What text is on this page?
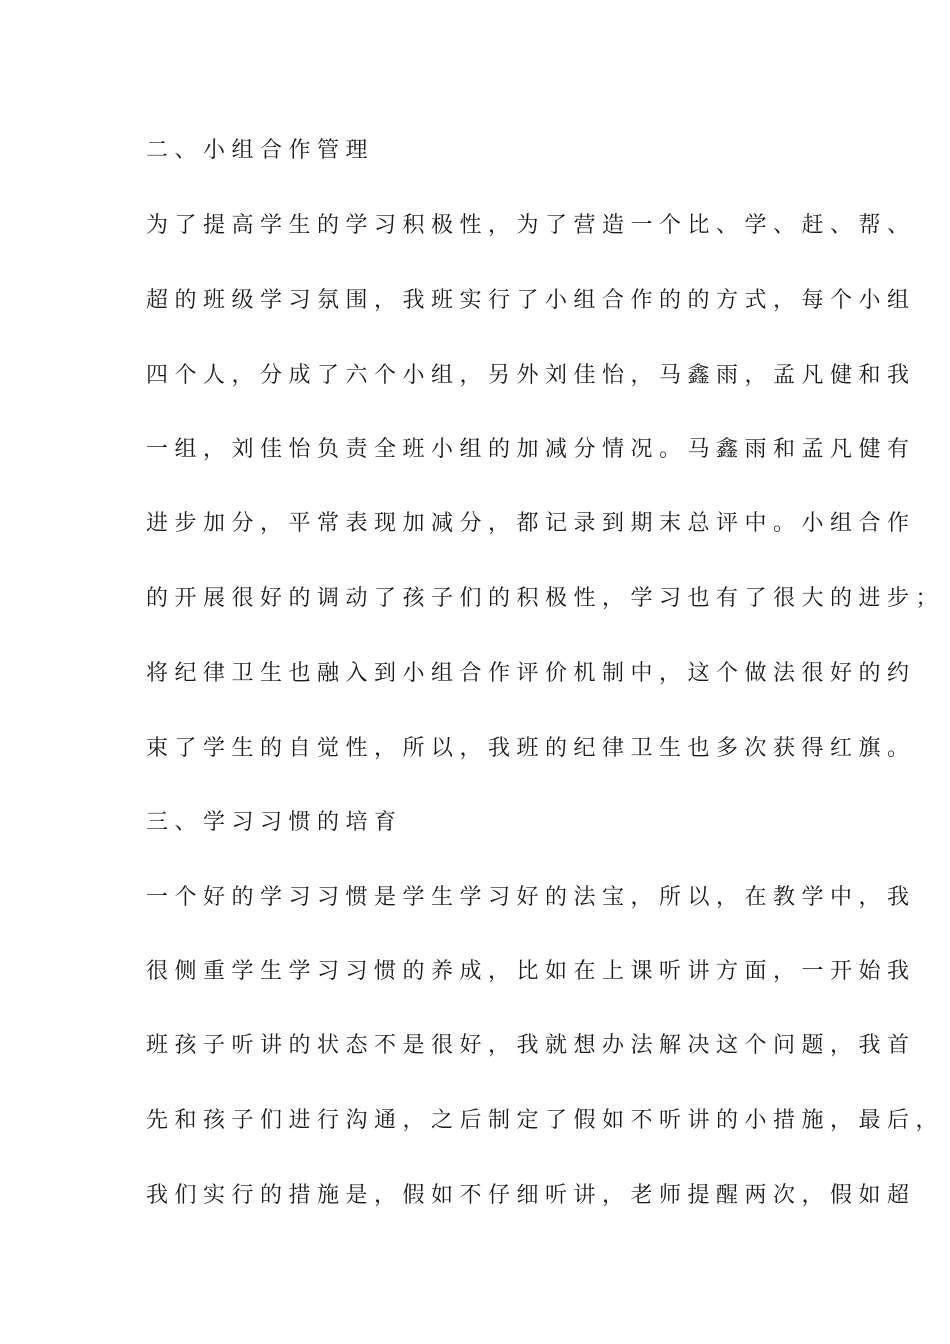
二、小组合作管理

为了提高学生的学习积极性，为了营造一个比、学、赶、帮、

超的班级学习氛围，我班实行了小组合作的的方式，每个小组

四个人，分成了六个小组，另外刘佳怡，马鑫雨，孟凡健和我

一组，刘佳怡负责全班小组的加减分情况。马鑫雨和孟凡健有

进步加分，平常表现加减分，都记录到期末总评中。小组合作

的开展很好的调动了孩子们的积极性，学习也有了很大的进步；

将纪律卫生也融入到小组合作评价机制中，这个做法很好的约

束了学生的自觉性，所以，我班的纪律卫生也多次获得红旗。

三、学习习惯的培育

一个好的学习习惯是学生学习好的法宝，所以，在教学中，我

很侧重学生学习习惯的养成，比如在上课听讲方面，一开始我

班孩子听讲的状态不是很好，我就想办法解决这个问题，我首

先和孩子们进行沟通，之后制定了假如不听讲的小措施，最后，

我们实行的措施是，假如不仔细听讲，老师提醒两次，假如超
